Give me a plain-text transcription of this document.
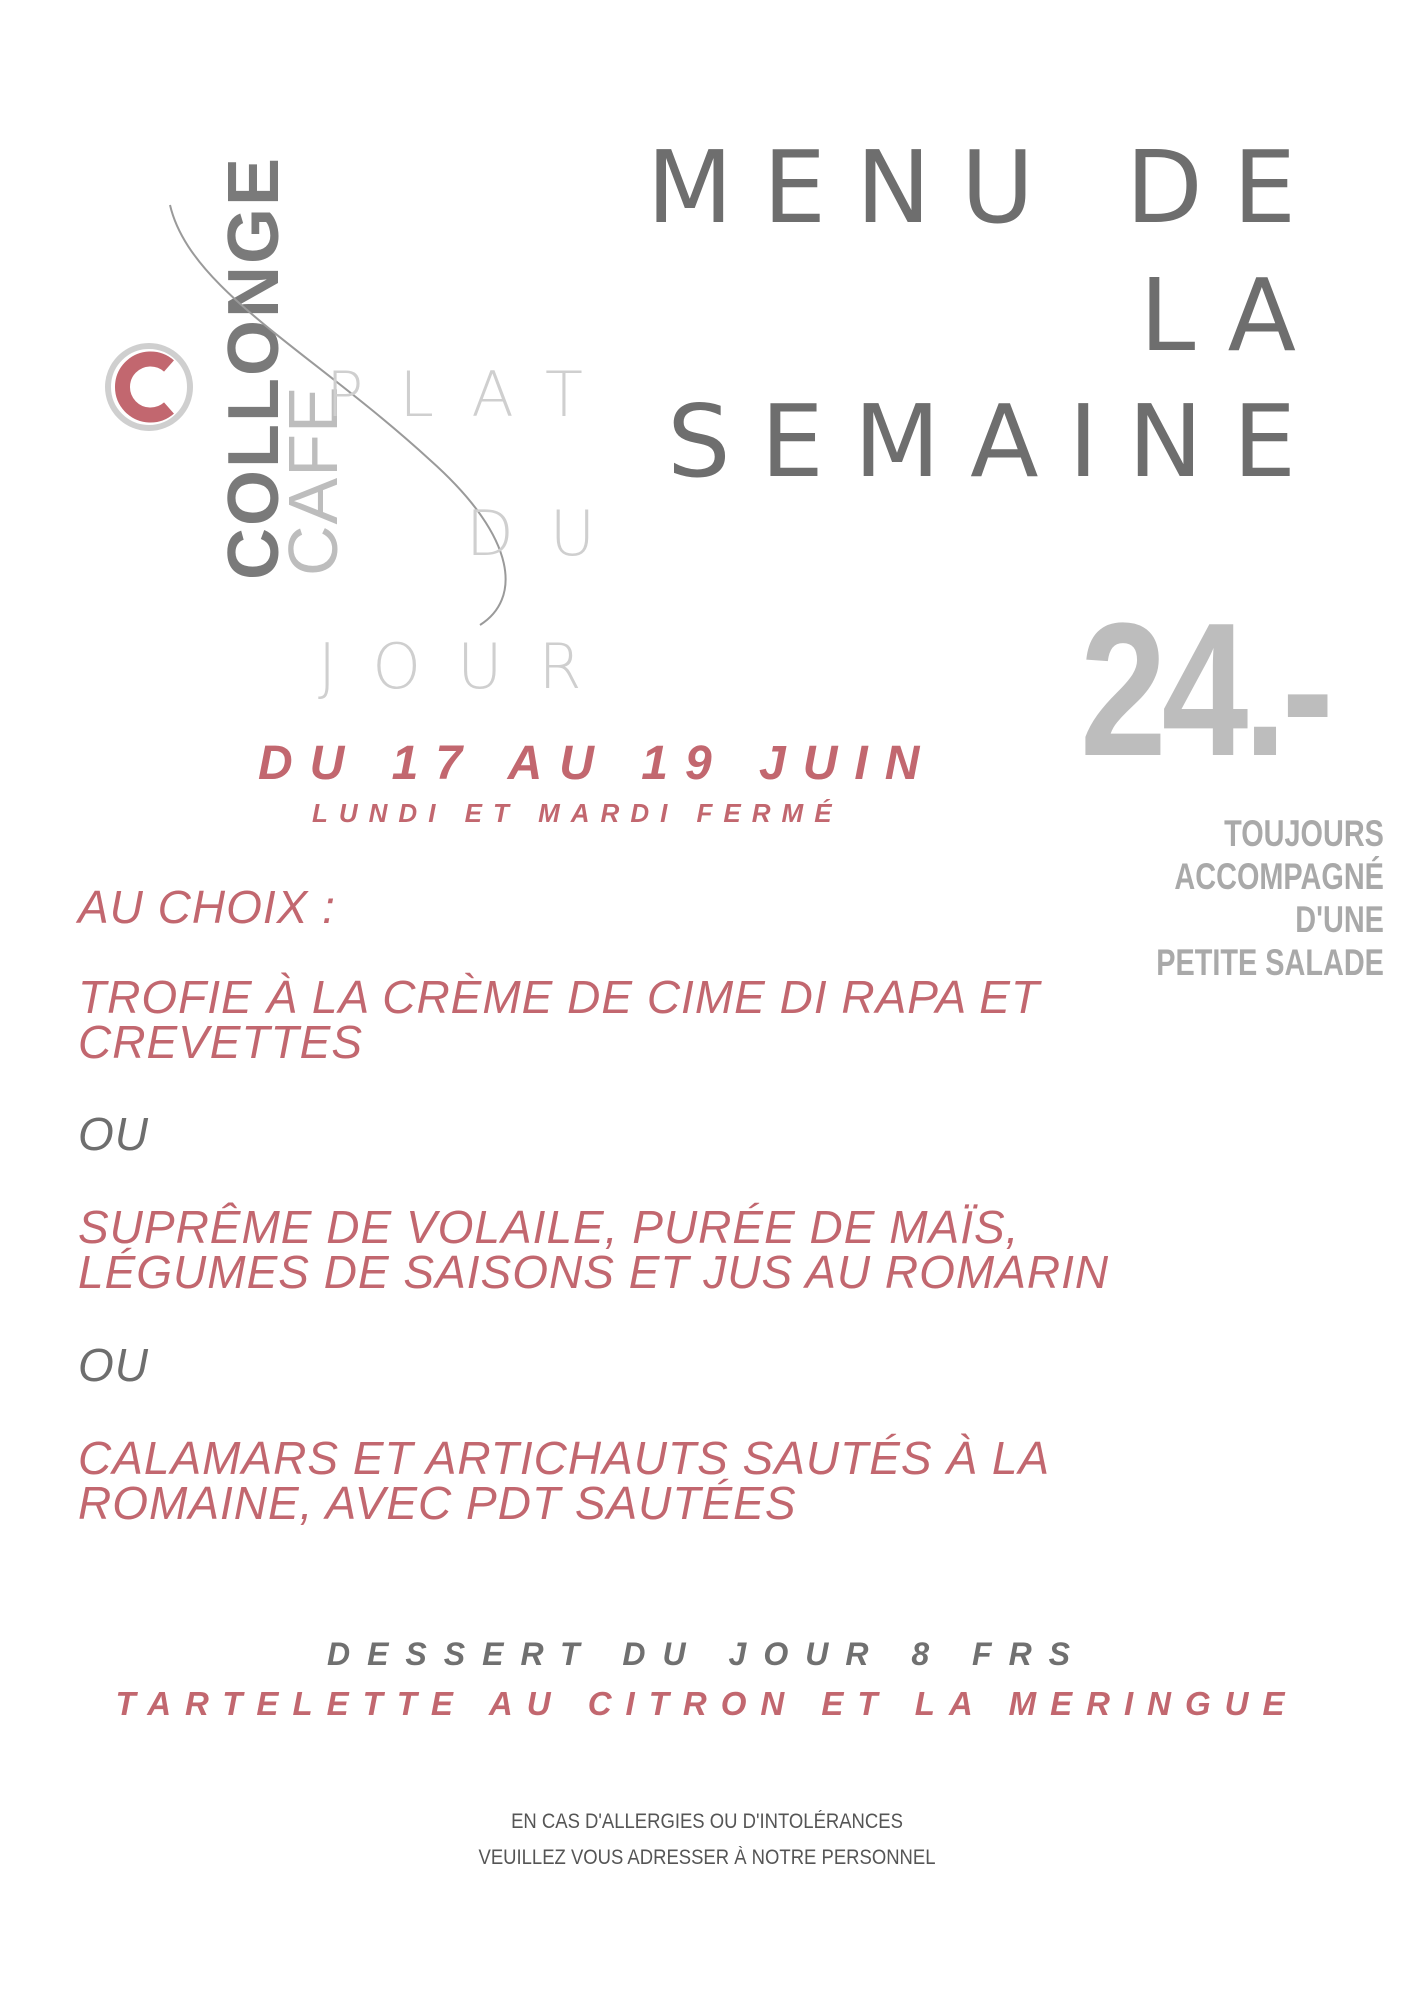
COLLONGE
CAFE
PLAT
DU
JOUR
MENU DE
LA
SEMAINE
24.-
TOUJOURS
ACCOMPAGNÉ
D'UNE
PETITE SALADE
DU 17 AU 19 JUIN
LUNDI ET MARDI FERMÉ
AU CHOIX :
TROFIE À LA CRÈME DE CIME DI RAPA ET
CREVETTES
OU
SUPRÊME DE VOLAILE, PURÉE DE MAÏS,
LÉGUMES DE SAISONS ET JUS AU ROMARIN
OU
CALAMARS ET ARTICHAUTS SAUTÉS À LA
ROMAINE, AVEC PDT SAUTÉES
DESSERT DU JOUR 8 FRS
TARTELETTE AU CITRON ET LA MERINGUE
EN CAS D'ALLERGIES OU D'INTOLÉRANCES
VEUILLEZ VOUS ADRESSER À NOTRE PERSONNEL
